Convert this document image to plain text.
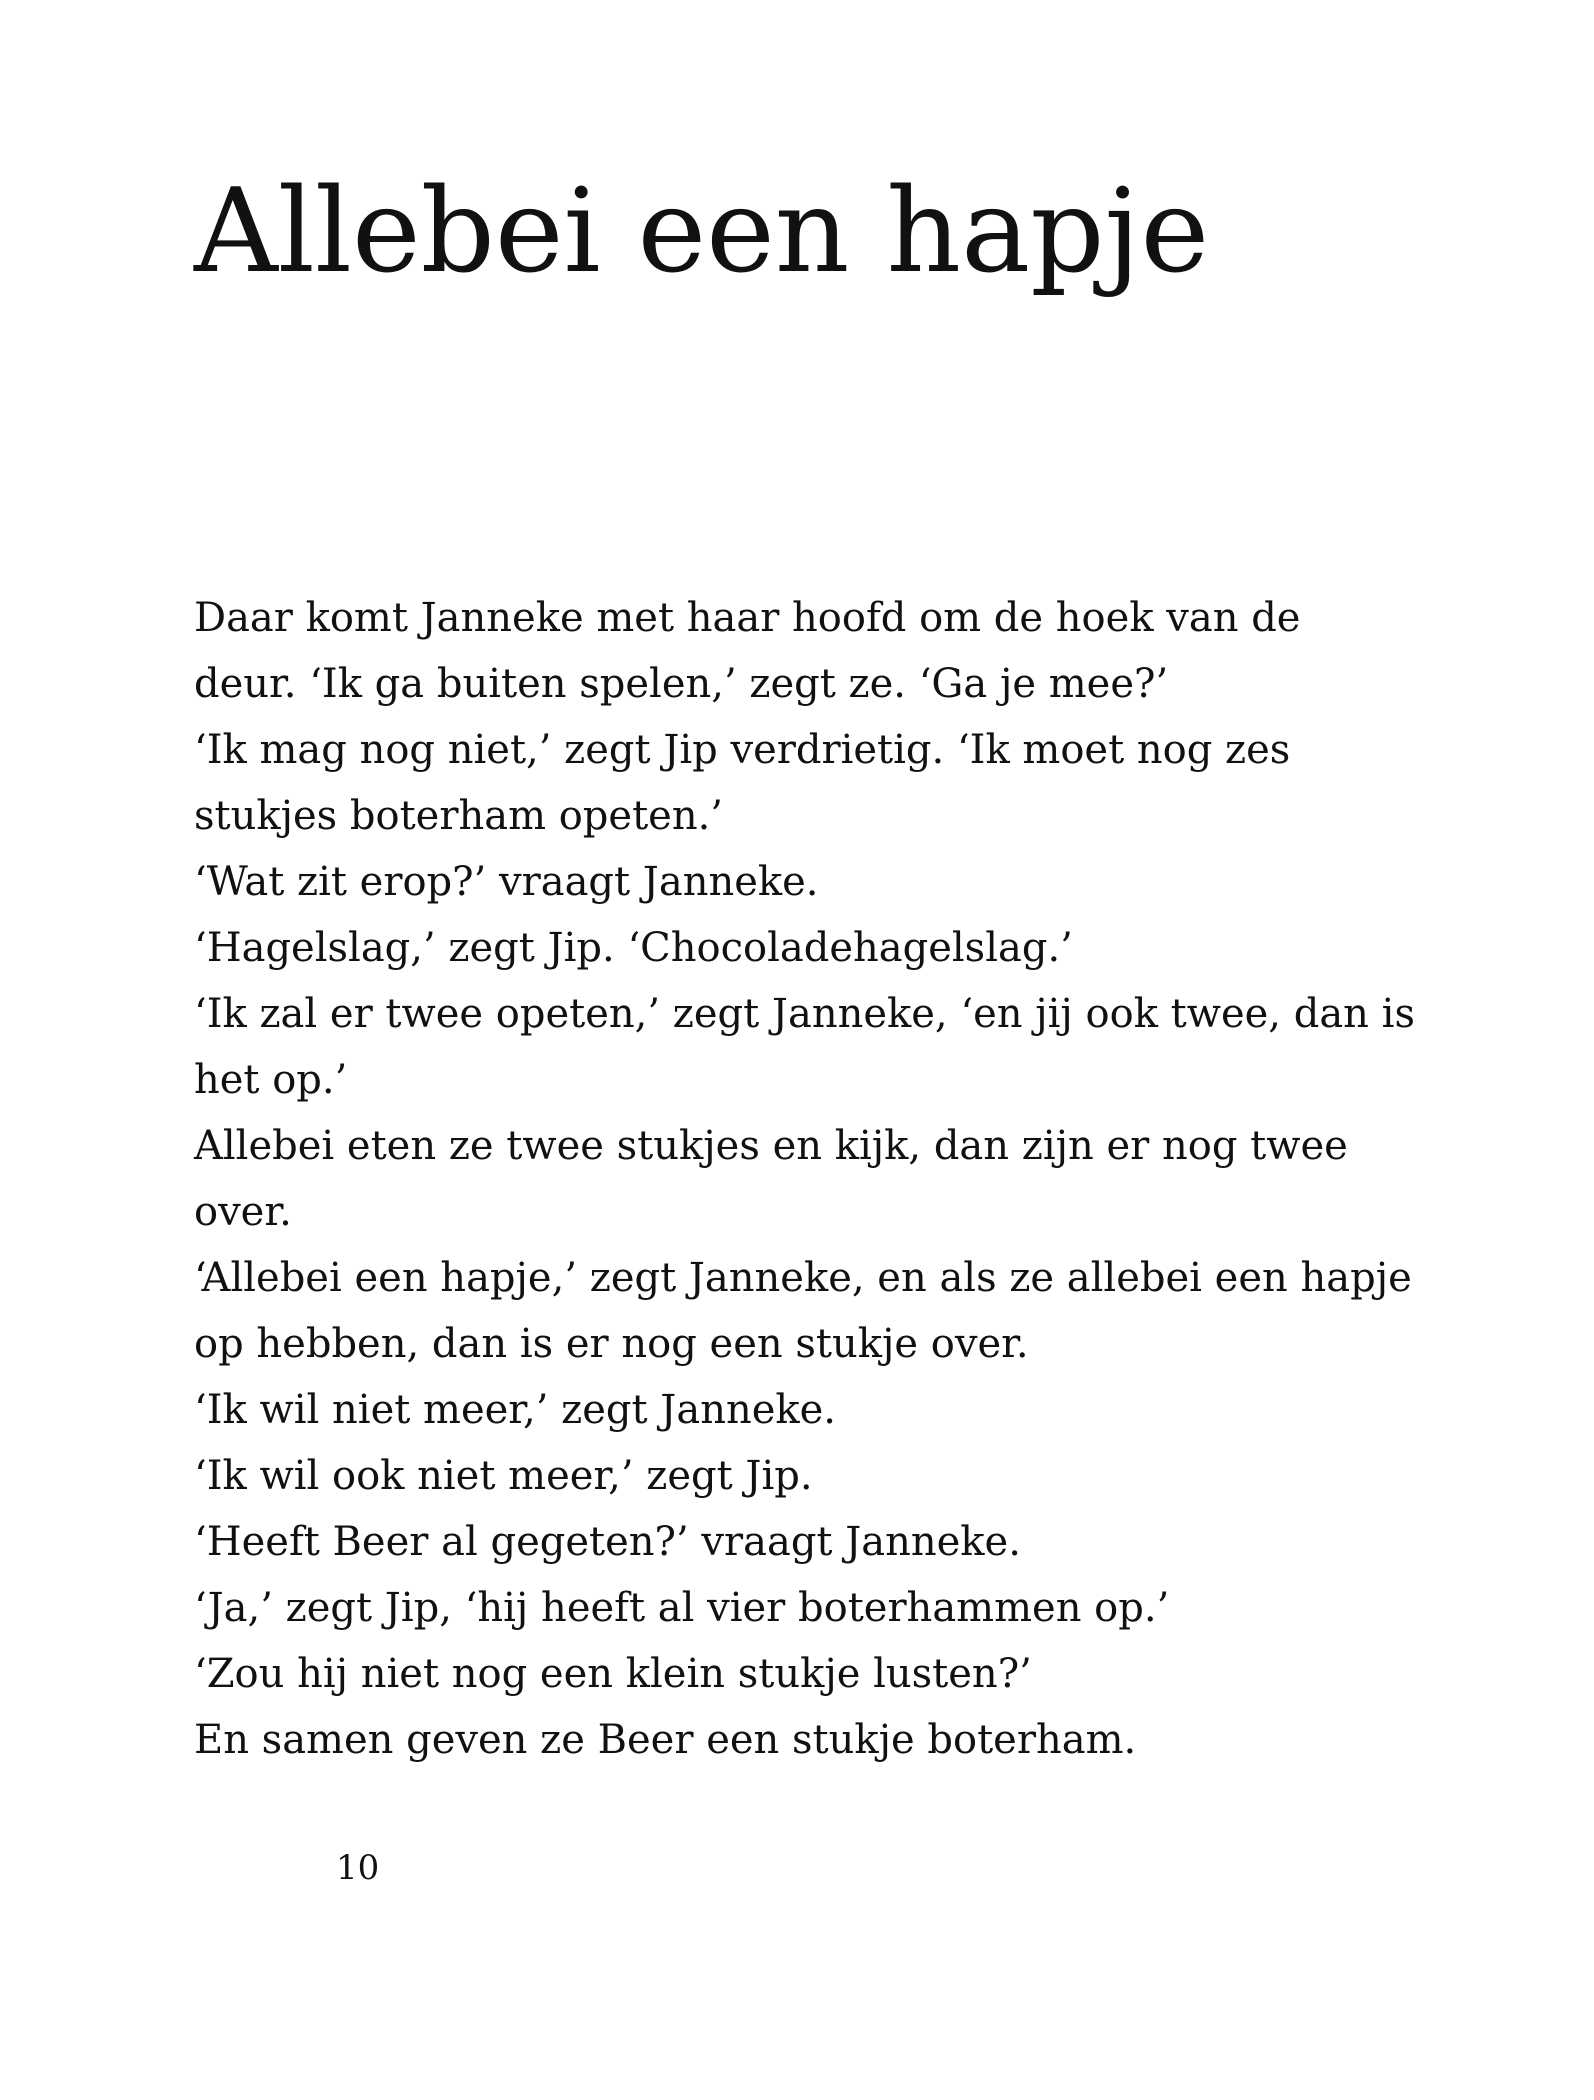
Allebei een hapje
Daar komt Janneke met haar hoofd om de hoek van de
deur. ‘Ik ga buiten spelen,’ zegt ze. ‘Ga je mee?’
‘Ik mag nog niet,’ zegt Jip verdrietig. ‘Ik moet nog zes
stukjes boterham opeten.’
‘Wat zit erop?’ vraagt Janneke.
‘Hagelslag,’ zegt Jip. ‘Chocoladehagelslag.’
‘Ik zal er twee opeten,’ zegt Janneke, ‘en jij ook twee, dan is
het op.’
Allebei eten ze twee stukjes en kijk, dan zijn er nog twee
over.
‘Allebei een hapje,’ zegt Janneke, en als ze allebei een hapje
op hebben, dan is er nog een stukje over.
‘Ik wil niet meer,’ zegt Janneke.
‘Ik wil ook niet meer,’ zegt Jip.
‘Heeft Beer al gegeten?’ vraagt Janneke.
‘Ja,’ zegt Jip, ‘hij heeft al vier boterhammen op.’
‘Zou hij niet nog een klein stukje lusten?’
En samen geven ze Beer een stukje boterham.
10
